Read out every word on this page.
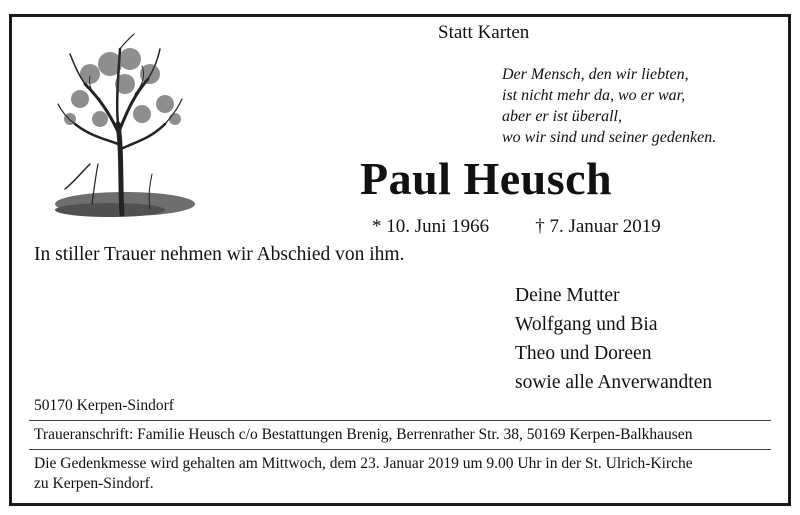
Statt Karten
Der Mensch, den wir liebten,
ist nicht mehr da, wo er war,
aber er ist überall,
wo wir sind und seiner gedenken.
Paul Heusch
* 10. Juni 1966 † 7. Januar 2019
In stiller Trauer nehmen wir Abschied von ihm.
Deine Mutter
Wolfgang und Bia
Theo und Doreen
sowie alle Anverwandten
50170 Kerpen-Sindorf
Traueranschrift: Familie Heusch c/o Bestattungen Brenig, Berrenrather Str. 38, 50169 Kerpen-Balkhausen
Die Gedenkmesse wird gehalten am Mittwoch, dem 23. Januar 2019 um 9.00 Uhr in der St. Ulrich-Kirche
zu Kerpen-Sindorf.
